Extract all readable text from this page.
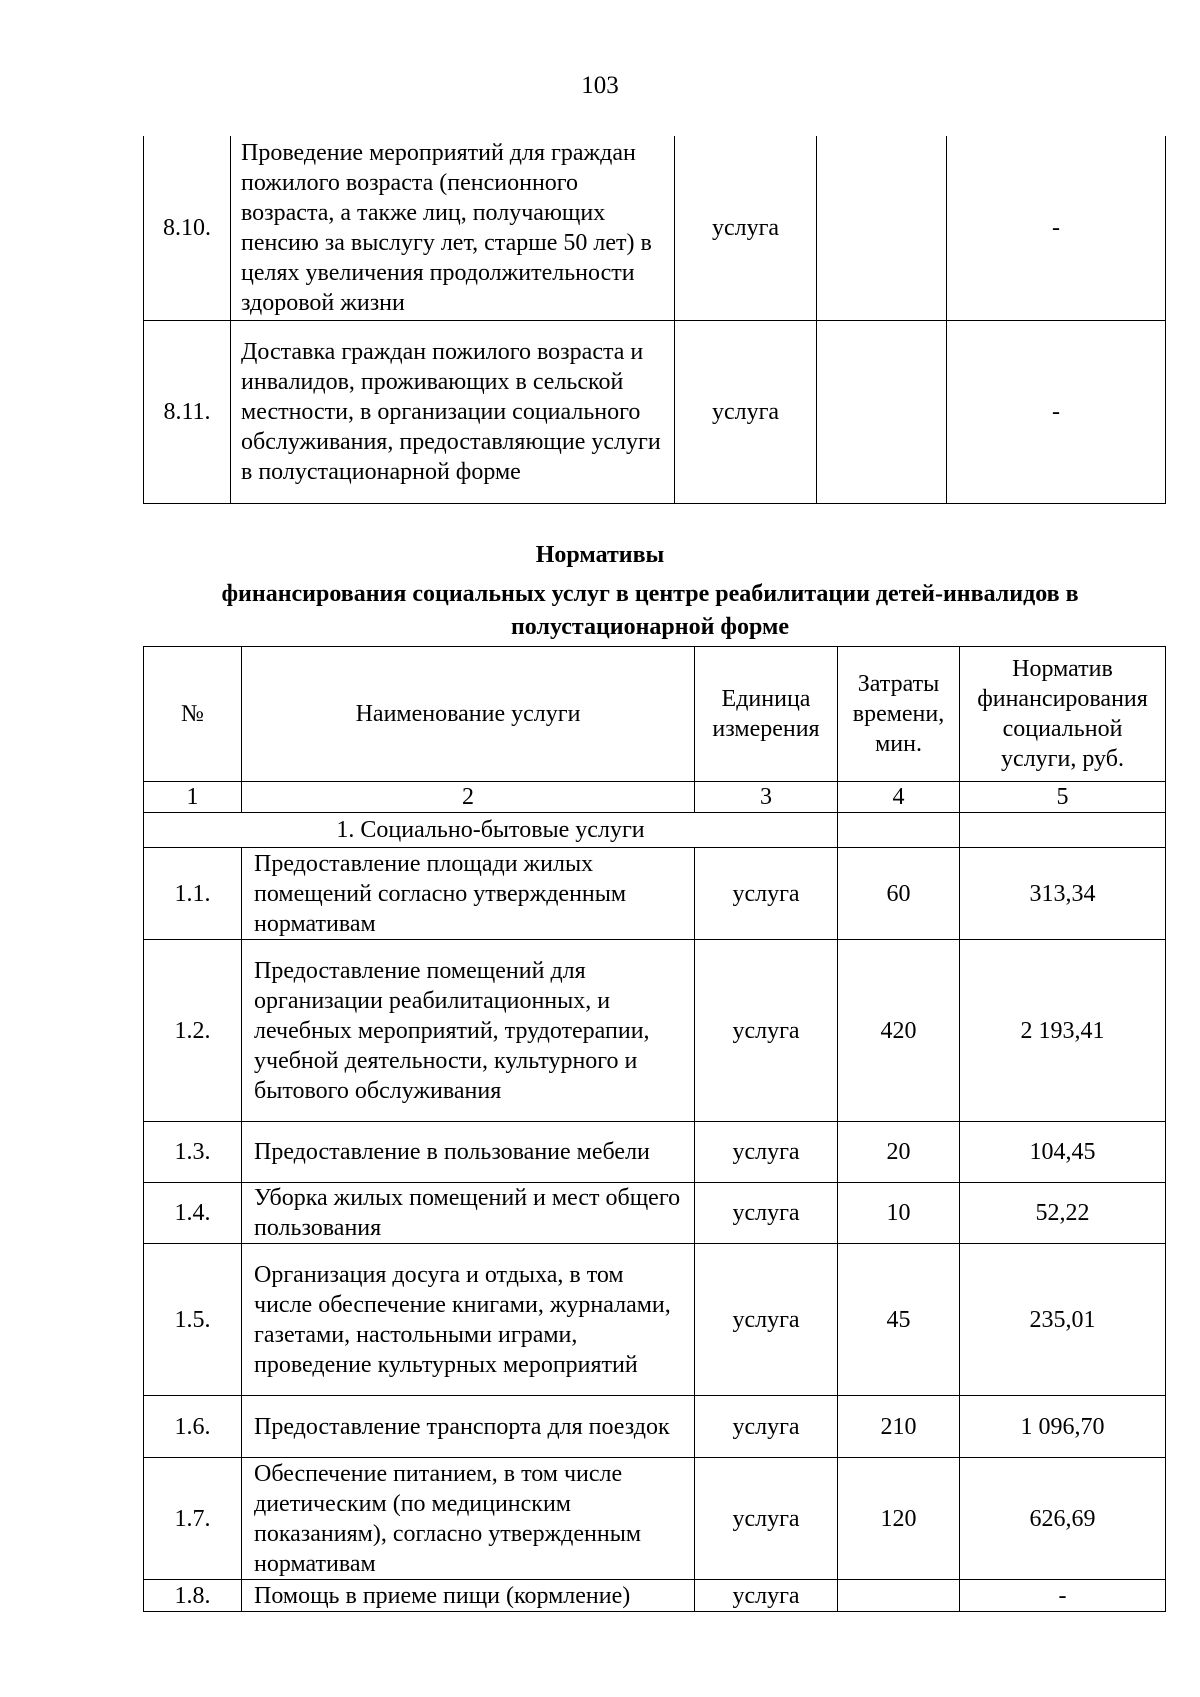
103
8.10.	Проведение мероприятий для граждан пожилого возраста (пенсионного возраста, а также лиц, получающих пенсию за выслугу лет, старше 50 лет) в целях увеличения продолжительности здоровой жизни	услуга		-
8.11.	Доставка граждан пожилого возраста и инвалидов, проживающих в сельской местности, в организации социального обслуживания, предоставляющие услуги в полустационарной форме	услуга		-
Нормативы
финансирования социальных услуг в центре реабилитации детей-инвалидов в полустационарной форме
№	Наименование услуги	Единица измерения	Затраты времени, мин.	Норматив финансирования социальной услуги, руб.
1	2	3	4	5
1. Социально-бытовые услуги				
1.1.	Предоставление площади жилых помещений согласно утвержденным нормативам	услуга	60	313,34
1.2.	Предоставление помещений для организации реабилитационных, и лечебных мероприятий, трудотерапии, учебной деятельности, культурного и бытового обслуживания	услуга	420	2 193,41
1.3.	Предоставление в пользование мебели	услуга	20	104,45
1.4.	Уборка жилых помещений и мест общего пользования	услуга	10	52,22
1.5.	Организация досуга и отдыха, в том числе обеспечение книгами, журналами, газетами, настольными играми, проведение культурных мероприятий	услуга	45	235,01
1.6.	Предоставление транспорта для поездок	услуга	210	1 096,70
1.7.	Обеспечение питанием, в том числе диетическим (по медицинским показаниям), согласно утвержденным нормативам	услуга	120	626,69
1.8.	Помощь в приеме пищи (кормление)	услуга		-
